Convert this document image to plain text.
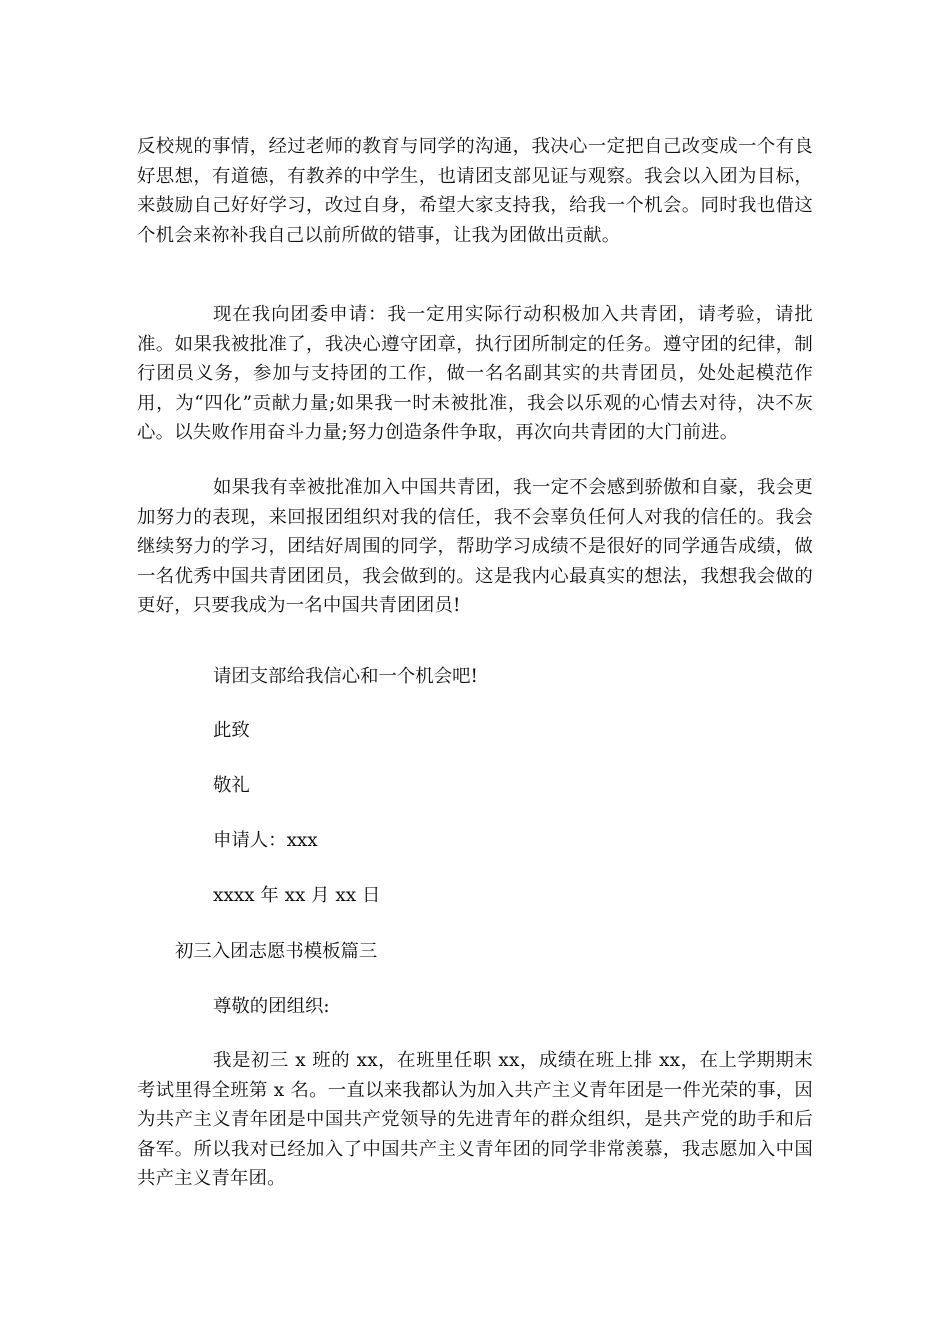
反校规的事情，经过老师的教育与同学的沟通，我决心一定把自己改变成一个有良好思想，有道德，有教养的中学生，也请团支部见证与观察。我会以入团为目标，来鼓励自己好好学习，改过自身，希望大家支持我，给我一个机会。同时我也借这个机会来祢补我自己以前所做的错事，让我为团做出贡献。

现在我向团委申请：我一定用实际行动积极加入共青团，请考验，请批准。如果我被批准了，我决心遵守团章，执行团所制定的任务。遵守团的纪律，制行团员义务，参加与支持团的工作，做一名名副其实的共青团员，处处起模范作用，为“四化”贡献力量;如果我一时未被批准，我会以乐观的心情去对待，决不灰心。以失败作用奋斗力量;努力创造条件争取，再次向共青团的大门前进。

如果我有幸被批准加入中国共青团，我一定不会感到骄傲和自豪，我会更加努力的表现，来回报团组织对我的信任，我不会辜负任何人对我的信任的。我会继续努力的学习，团结好周围的同学，帮助学习成绩不是很好的同学通告成绩，做一名优秀中国共青团团员，我会做到的。这是我内心最真实的想法，我想我会做的更好，只要我成为一名中国共青团团员!

请团支部给我信心和一个机会吧!

此致

敬礼

申请人：xxx

xxxx 年 xx 月 xx 日

初三入团志愿书模板篇三

尊敬的团组织:

我是初三 x 班的 xx，在班里任职 xx，成绩在班上排 xx，在上学期期末考试里得全班第 x 名。一直以来我都认为加入共产主义青年团是一件光荣的事，因为共产主义青年团是中国共产党领导的先进青年的群众组织，是共产党的助手和后备军。所以我对已经加入了中国共产主义青年团的同学非常羡慕，我志愿加入中国共产主义青年团。
